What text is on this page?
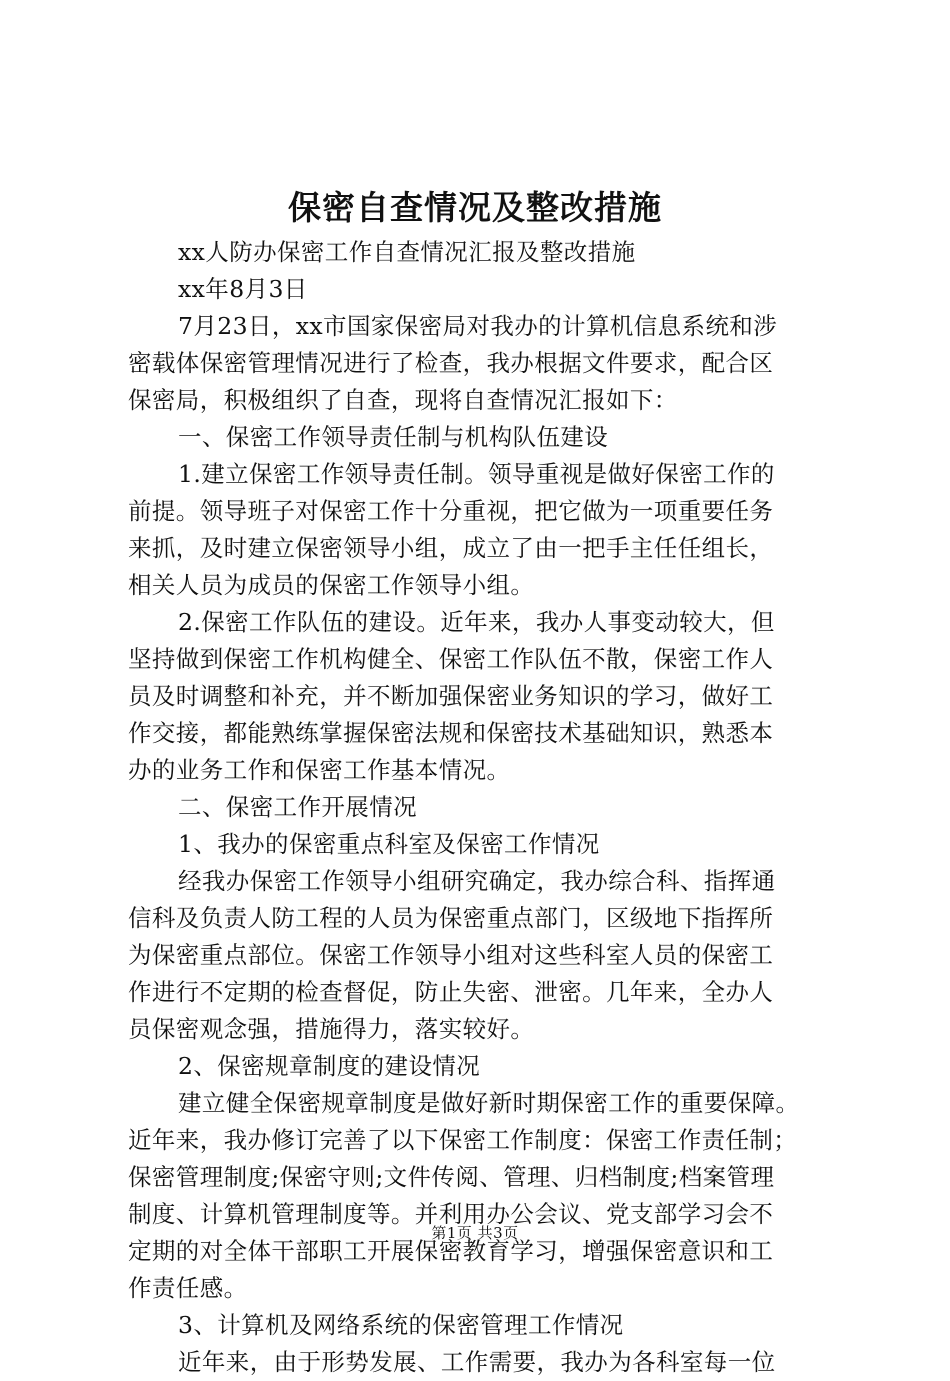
保密自查情况及整改措施
xx人防办保密工作自查情况汇报及整改措施
xx年8月3日
7月23日，xx市国家保密局对我办的计算机信息系统和涉
密载体保密管理情况进行了检查，我办根据文件要求，配合区
保密局，积极组织了自查，现将自查情况汇报如下：
一、保密工作领导责任制与机构队伍建设
1.建立保密工作领导责任制。领导重视是做好保密工作的
前提。领导班子对保密工作十分重视，把它做为一项重要任务
来抓，及时建立保密领导小组，成立了由一把手主任任组长，
相关人员为成员的保密工作领导小组。
2.保密工作队伍的建设。近年来，我办人事变动较大，但
坚持做到保密工作机构健全、保密工作队伍不散，保密工作人
员及时调整和补充，并不断加强保密业务知识的学习，做好工
作交接，都能熟练掌握保密法规和保密技术基础知识，熟悉本
办的业务工作和保密工作基本情况。
二、保密工作开展情况
1、我办的保密重点科室及保密工作情况
经我办保密工作领导小组研究确定，我办综合科、指挥通
信科及负责人防工程的人员为保密重点部门，区级地下指挥所
为保密重点部位。保密工作领导小组对这些科室人员的保密工
作进行不定期的检查督促，防止失密、泄密。几年来，全办人
员保密观念强，措施得力，落实较好。
2、保密规章制度的建设情况
建立健全保密规章制度是做好新时期保密工作的重要保障。
近年来，我办修订完善了以下保密工作制度：保密工作责任制；
保密管理制度;保密守则;文件传阅、管理、归档制度;档案管理
制度、计算机管理制度等。并利用办公会议、党支部学习会不
定期的对全体干部职工开展保密教育学习，增强保密意识和工
作责任感。
3、计算机及网络系统的保密管理工作情况
近年来，由于形势发展、工作需要，我办为各科室每一位
第1页 共3页
